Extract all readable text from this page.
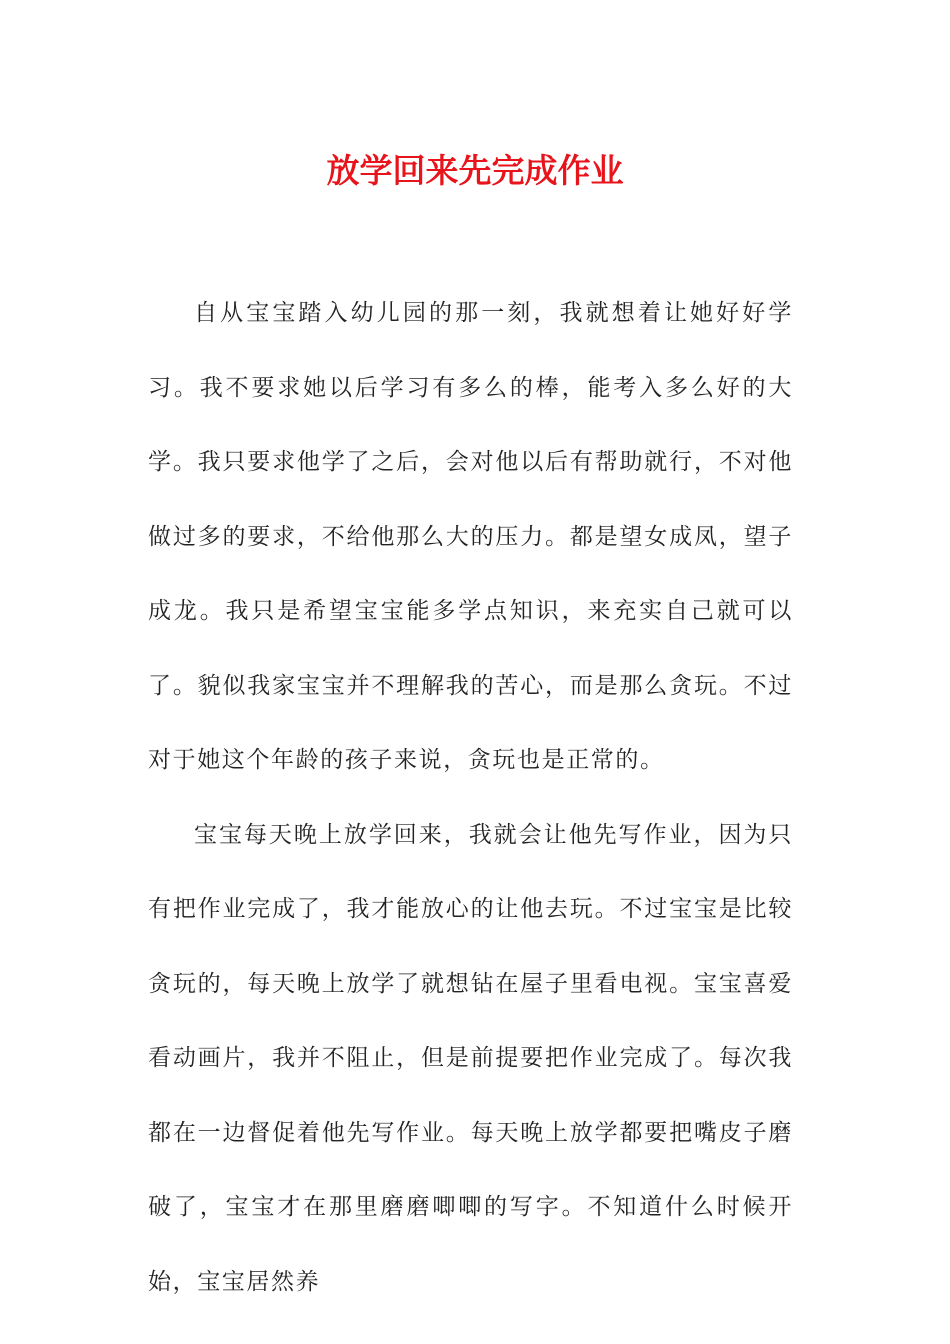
放学回来先完成作业

自从宝宝踏入幼儿园的那一刻，我就想着让她好好学习。我不要求她以后学习有多么的棒，能考入多么好的大学。我只要求他学了之后，会对他以后有帮助就行，不对他做过多的要求，不给他那么大的压力。都是望女成凤，望子成龙。我只是希望宝宝能多学点知识，来充实自己就可以了。貌似我家宝宝并不理解我的苦心，而是那么贪玩。不过对于她这个年龄的孩子来说，贪玩也是正常的。

宝宝每天晚上放学回来，我就会让他先写作业，因为只有把作业完成了，我才能放心的让他去玩。不过宝宝是比较贪玩的，每天晚上放学了就想钻在屋子里看电视。宝宝喜爱看动画片，我并不阻止，但是前提要把作业完成了。每次我都在一边督促着他先写作业。每天晚上放学都要把嘴皮子磨破了，宝宝才在那里磨磨唧唧的写字。不知道什么时候开始，宝宝居然养
